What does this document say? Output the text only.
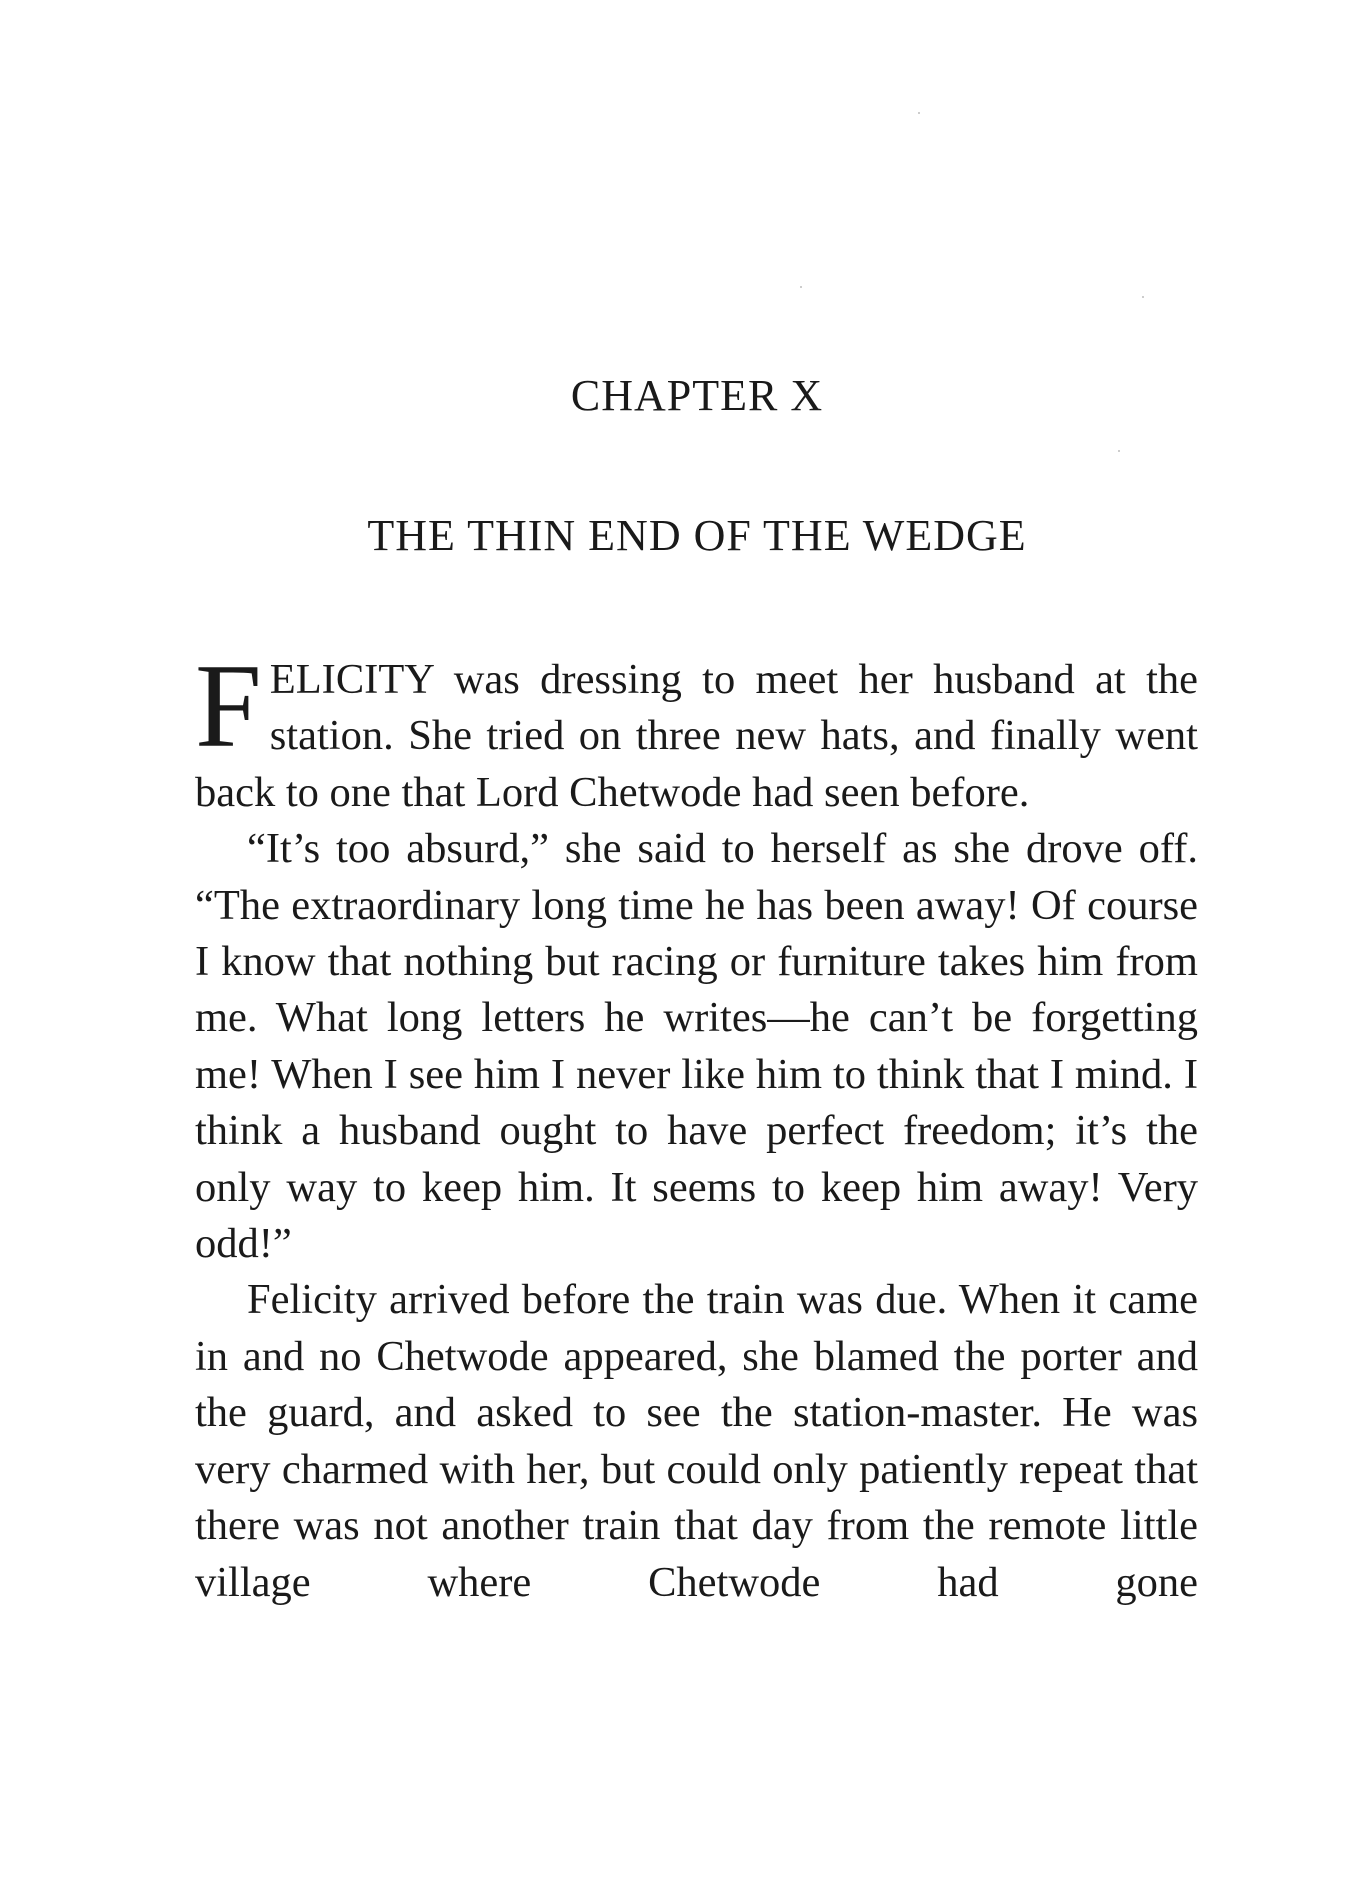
CHAPTER X
THE THIN END OF THE WEDGE

FELICITY was dressing to meet her husband at the station. She tried on three new hats, and finally went back to one that Lord Chetwode had seen before.

“It’s too absurd,” she said to herself as she drove off. “The extraordinary long time he has been away! Of course I know that nothing but racing or furniture takes him from me. What long letters he writes—he can’t be forgetting me! When I see him I never like him to think that I mind. I think a husband ought to have perfect freedom; it’s the only way to keep him. It seems to keep him away! Very odd!”

Felicity arrived before the train was due. When it came in and no Chetwode appeared, she blamed the porter and the guard, and asked to see the station-master. He was very charmed with her, but could only patiently repeat that there was not another train that day from the remote little village where Chetwode had gone
